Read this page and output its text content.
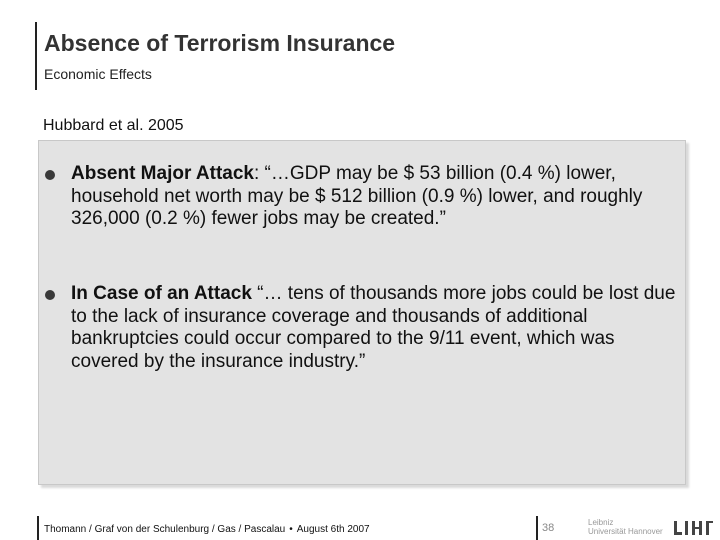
Absence of Terrorism Insurance
Economic Effects
Hubbard et al. 2005
Absent Major Attack: “…GDP may be $ 53 billion (0.4 %) lower, household net worth may be $ 512 billion (0.9 %) lower, and roughly 326,000 (0.2 %) fewer jobs may be created.”
In Case of an Attack “… tens of thousands more jobs could be lost due to the lack of insurance coverage and thousands of additional bankruptcies could occur compared to the 9/11 event, which was covered by the insurance industry.”
Thomann / Graf von der Schulenburg / Gas / Pascalau • August 6th 2007	38	Leibniz
Universität Hannover
